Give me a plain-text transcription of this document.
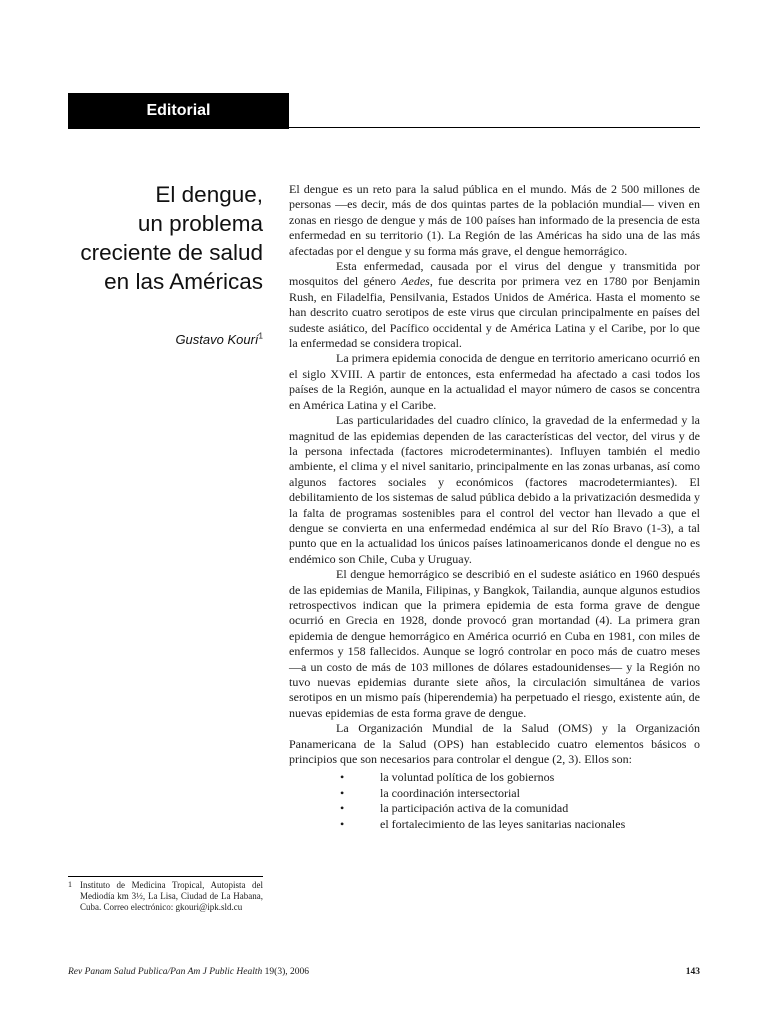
Editorial
El dengue,
un problema
creciente de salud
en las Américas
Gustavo Kourí$^1$

El dengue es un reto para la salud pública en el mundo. Más de 2 500 millones de personas —es decir, más de dos quintas partes de la población mundial— viven en zonas en riesgo de dengue y más de 100 países han informado de la presencia de esta enfermedad en su territorio (1). La Región de las Américas ha sido una de las más afectadas por el dengue y su forma más grave, el dengue hemorrágico.

Esta enfermedad, causada por el virus del dengue y transmitida por mosquitos del género Aedes, fue descrita por primera vez en 1780 por Benjamin Rush, en Filadelfia, Pensilvania, Estados Unidos de América. Hasta el momento se han descrito cuatro serotipos de este virus que circulan principalmente en países del sudeste asiático, del Pacífico occidental y de América Latina y el Caribe, por lo que la enfermedad se considera tropical.

La primera epidemia conocida de dengue en territorio americano ocurrió en el siglo XVIII. A partir de entonces, esta enfermedad ha afectado a casi todos los países de la Región, aunque en la actualidad el mayor número de casos se concentra en América Latina y el Caribe.

Las particularidades del cuadro clínico, la gravedad de la enfermedad y la magnitud de las epidemias dependen de las características del vector, del virus y de la persona infectada (factores microdeterminantes). Influyen también el medio ambiente, el clima y el nivel sanitario, principalmente en las zonas urbanas, así como algunos factores sociales y económicos (factores macrodetermiantes). El debilitamiento de los sistemas de salud pública debido a la privatización desmedida y la falta de programas sostenibles para el control del vector han llevado a que el dengue se convierta en una enfermedad endémica al sur del Río Bravo (1-3), a tal punto que en la actualidad los únicos países latinoamericanos donde el dengue no es endémico son Chile, Cuba y Uruguay.

El dengue hemorrágico se describió en el sudeste asiático en 1960 después de las epidemias de Manila, Filipinas, y Bangkok, Tailandia, aunque algunos estudios retrospectivos indican que la primera epidemia de esta forma grave de dengue ocurrió en Grecia en 1928, donde provocó gran mortandad (4). La primera gran epidemia de dengue hemorrágico en América ocurrió en Cuba en 1981, con miles de enfermos y 158 fallecidos. Aunque se logró controlar en poco más de cuatro meses —a un costo de más de 103 millones de dólares estadounidenses— y la Región no tuvo nuevas epidemias durante siete años, la circulación simultánea de varios serotipos en un mismo país (hiperendemia) ha perpetuado el riesgo, existente aún, de nuevas epidemias de esta forma grave de dengue.

La Organización Mundial de la Salud (OMS) y la Organización Panamericana de la Salud (OPS) han establecido cuatro elementos básicos o principios que son necesarios para controlar el dengue (2, 3). Ellos son:

• la voluntad política de los gobiernos
• la coordinación intersectorial
• la participación activa de la comunidad
• el fortalecimiento de las leyes sanitarias nacionales
1 Instituto de Medicina Tropical, Autopista del Mediodía km 3½, La Lisa, Ciudad de La Habana, Cuba. Correo electrónico: gkouri@ipk.sld.cu
Rev Panam Salud Publica/Pan Am J Public Health 19(3), 2006	143
